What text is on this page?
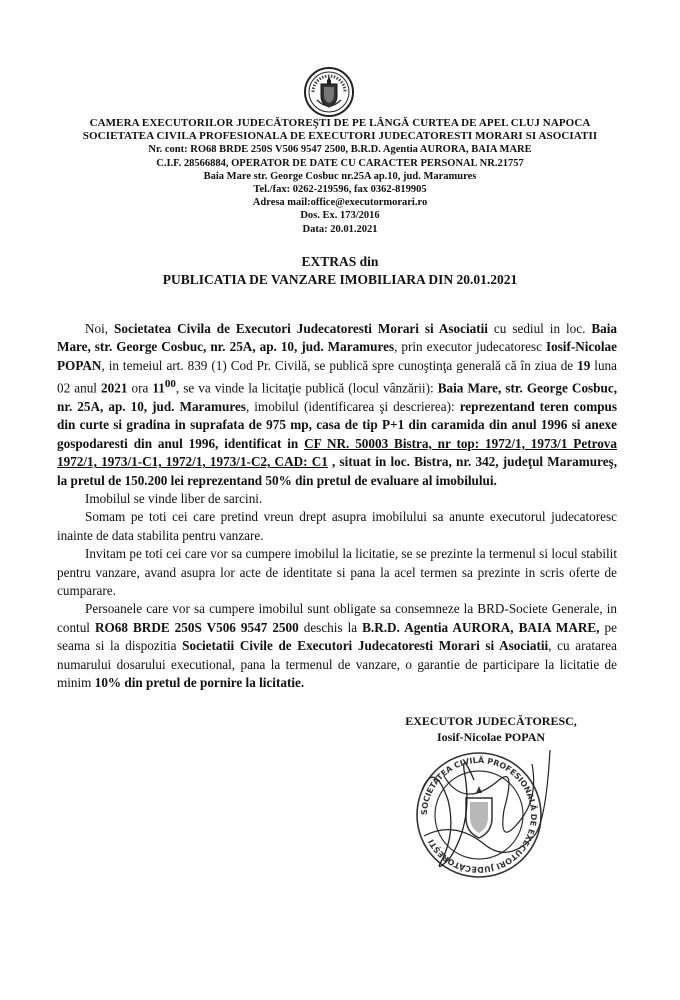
CAMERA EXECUTORILOR JUDECĂTOREŞTI DE PE LÂNGĂ CURTEA DE APEL CLUJ NAPOCA
SOCIETATEA CIVILA PROFESIONALA DE EXECUTORI JUDECATORESTI MORARI SI ASOCIATII
Nr. cont: RO68 BRDE 250S V506 9547 2500, B.R.D. Agentia AURORA, BAIA MARE
C.I.F. 28566884, OPERATOR DE DATE CU CARACTER PERSONAL NR.21757
Baia Mare str. George Cosbuc nr.25A ap.10, jud. Maramures
Tel./fax: 0262-219596, fax 0362-819905
Adresa mail:office@executormorari.ro
Dos. Ex. 173/2016
Data: 20.01.2021
EXTRAS din
PUBLICATIA DE VANZARE IMOBILIARA DIN 20.01.2021

Noi, Societatea Civila de Executori Judecatoresti Morari si Asociatii cu sediul in loc. Baia Mare, str. George Cosbuc, nr. 25A, ap. 10, jud. Maramures, prin executor judecatoresc Iosif-Nicolae POPAN, in temeiul art. 839 (1) Cod Pr. Civilă, se publică spre cunoştinţa generală că în ziua de 19 luna 02 anul 2021 ora $11^{00}$, se va vinde la licitaţie publică (locul vânzării): Baia Mare, str. George Cosbuc, nr. 25A, ap. 10, jud. Maramures, imobilul (identificarea şi descrierea): reprezentand teren compus din curte si gradina in suprafata de 975 mp, casa de tip P+1 din caramida din anul 1996 si anexe gospodaresti din anul 1996, identificat in CF NR. 50003 Bistra, nr top: 1972/1, 1973/1 Petrova 1972/1, 1973/1-C1, 1972/1, 1973/1-C2, CAD: C1 , situat in loc. Bistra, nr. 342, judeţul Maramureş, la pretul de 150.200 lei reprezentand 50% din pretul de evaluare al imobilului.

Imobilul se vinde liber de sarcini.

Somam pe toti cei care pretind vreun drept asupra imobilului sa anunte executorul judecatoresc inainte de data stabilita pentru vanzare.

Invitam pe toti cei care vor sa cumpere imobilul la licitatie, se se prezinte la termenul si locul stabilit pentru vanzare, avand asupra lor acte de identitate si pana la acel termen sa prezinte in scris oferte de cumparare.

Persoanele care vor sa cumpere imobilul sunt obligate sa consemneze la BRD-Societe Generale, in contul RO68 BRDE 250S V506 9547 2500 deschis la B.R.D. Agentia AURORA, BAIA MARE, pe seama si la dispozitia Societatii Civile de Executori Judecatoresti Morari si Asociatii, cu aratarea numarului dosarului executional, pana la termenul de vanzare, o garantie de participare la licitatie de minim 10% din pretul de pornire la licitatie.

EXECUTOR JUDECĂTORESC,
Iosif-Nicolae POPAN
SOCIETATEA CIVILĂ PROFESIONALĂ DE EXECUTORI JUDECĂTOREȘTI
